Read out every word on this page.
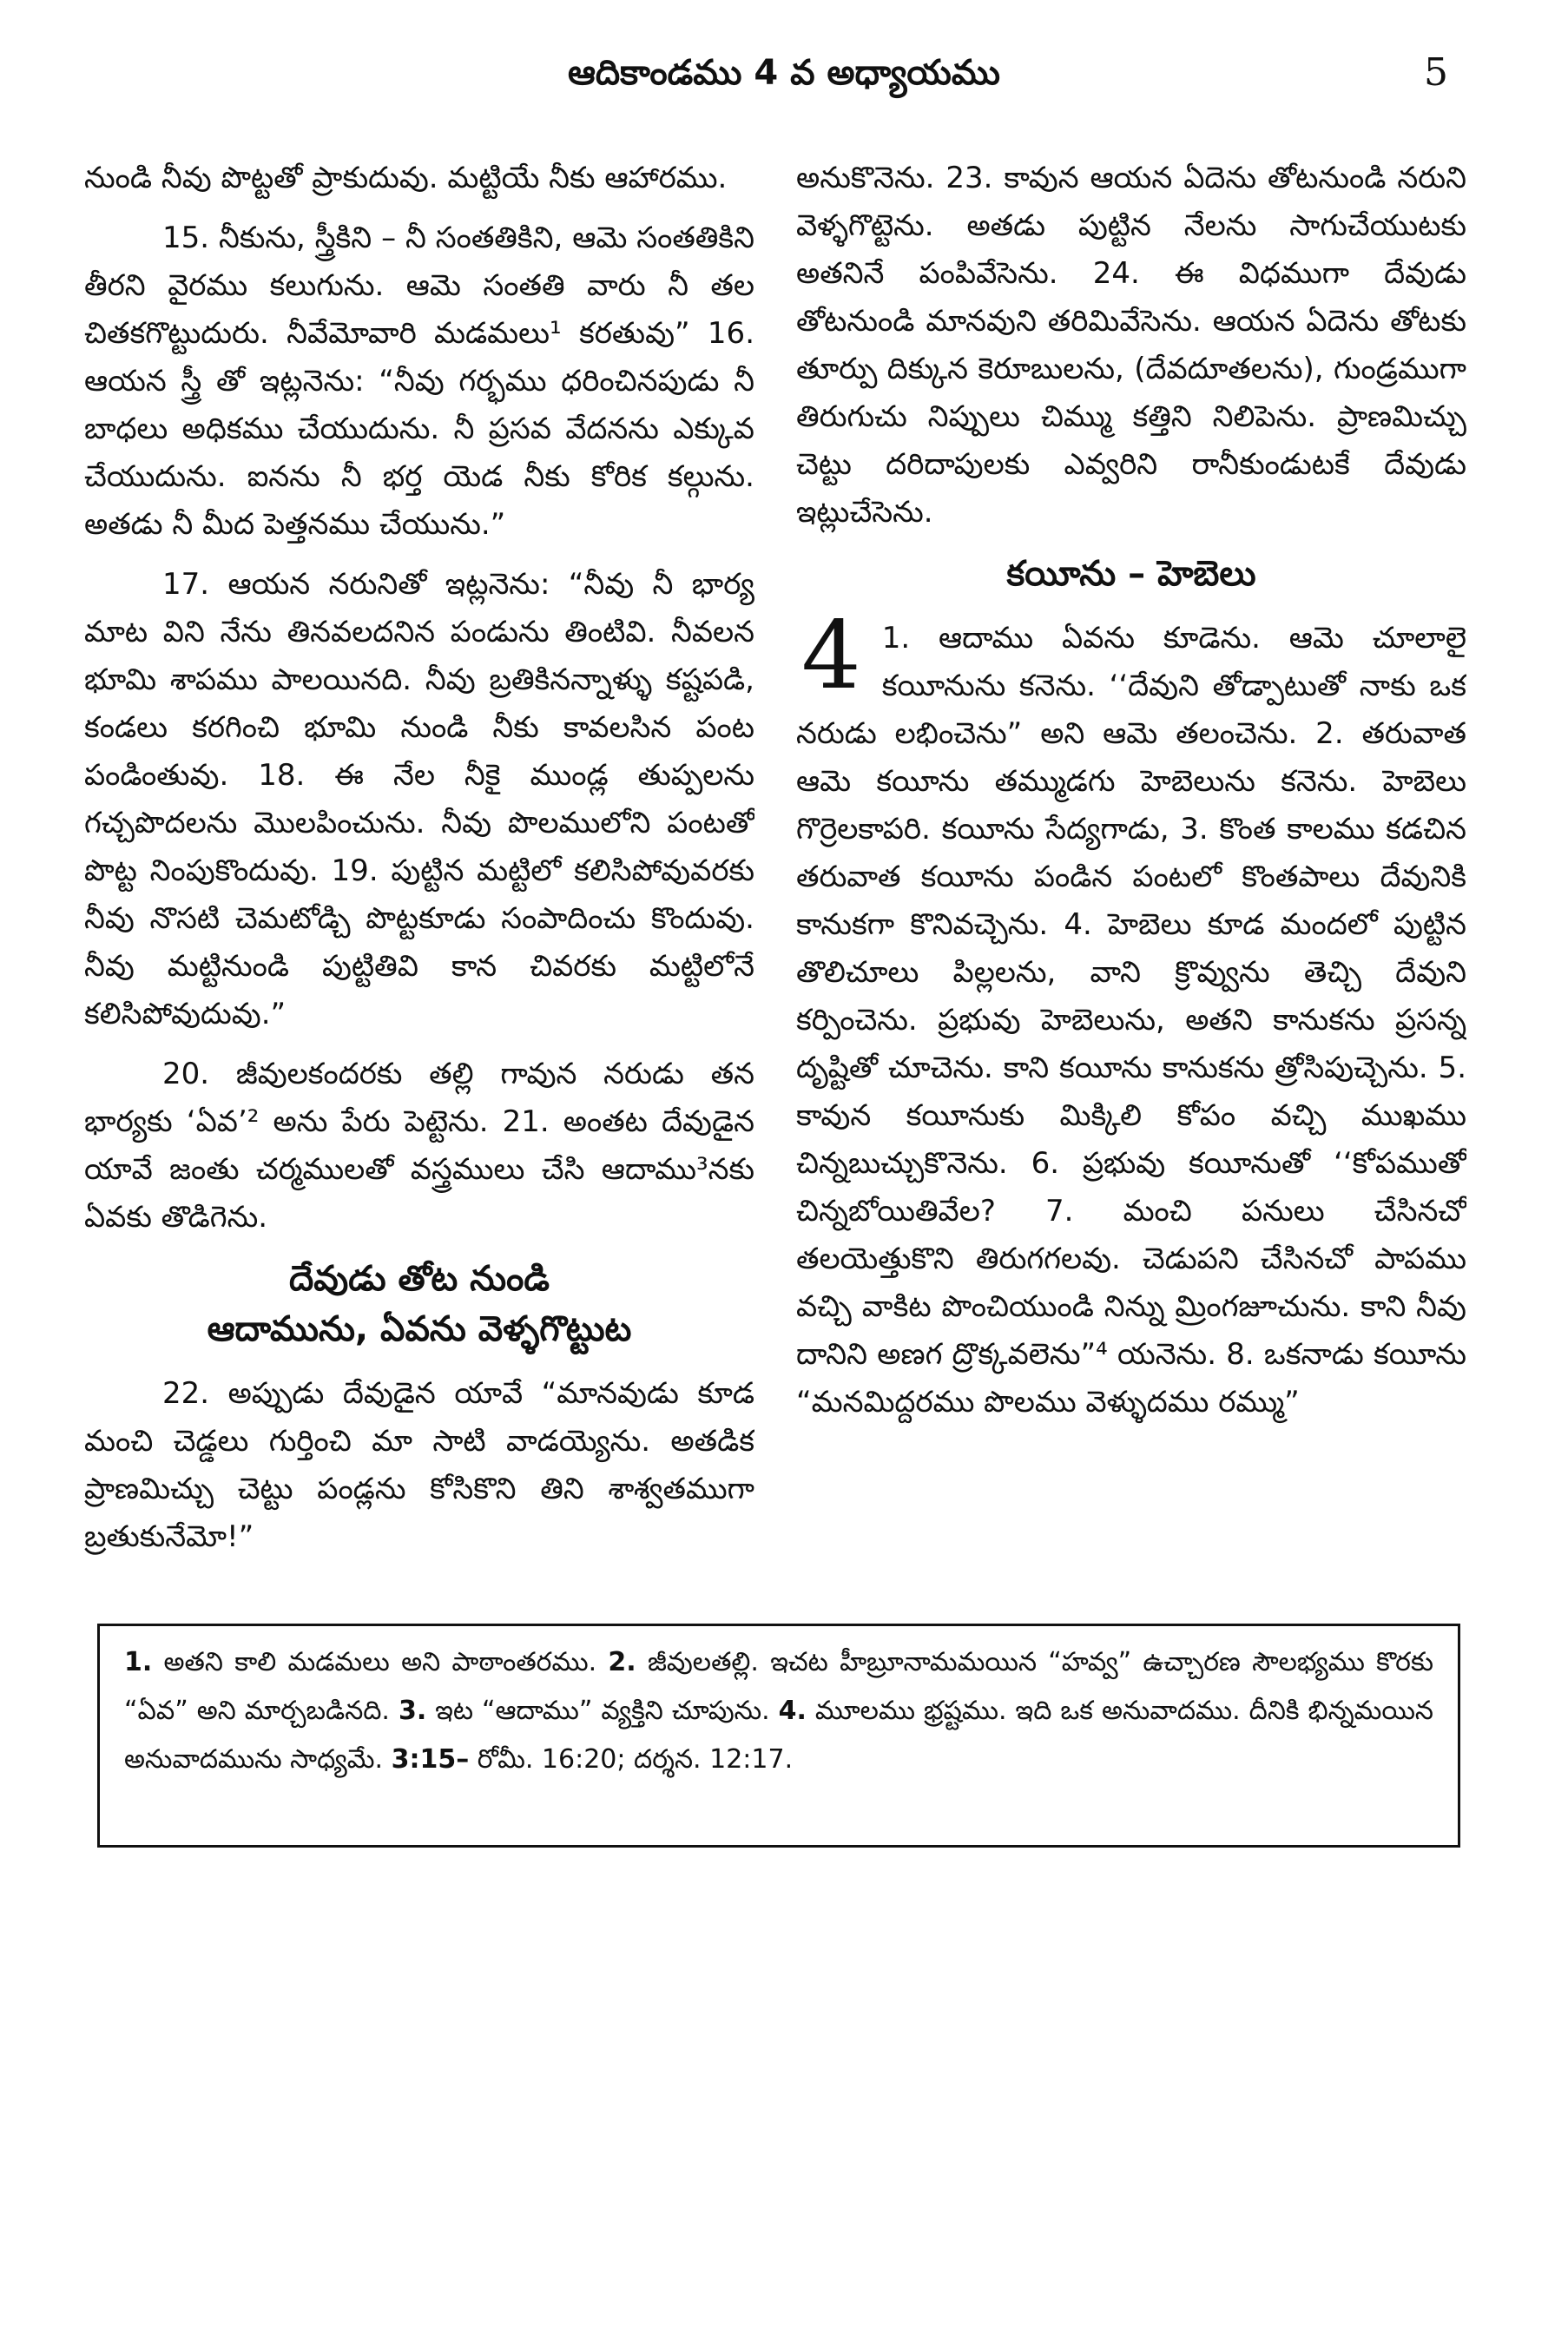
ఆదికాండము 4 వ అధ్యాయము	5

నుండి నీవు పొట్టతో ప్రాకుదువు. మట్టియే నీకు ఆహారము.

15. నీకును, స్త్రీకిని – నీ సంతతికిని, ఆమె సంతతికిని తీరని వైరము కలుగును. ఆమె సంతతి వారు నీ తల చితకగొట్టుదురు. నీవేమోవారి మడమలు¹ కరతువు” 16. ఆయన స్త్రీ తో ఇట్లనెను: “నీవు గర్భము ధరించినపుడు నీ బాధలు అధికము చేయుదును. నీ ప్రసవ వేదనను ఎక్కువ చేయుదును. ఐనను నీ భర్త యెడ నీకు కోరిక కల్గును. అతడు నీ మీద పెత్తనము చేయును.”

17. ఆయన నరునితో ఇట్లనెను: “నీవు నీ భార్య మాట విని నేను తినవలదనిన పండును తింటివి. నీవలన భూమి శాపము పాలయినది. నీవు బ్రతికినన్నాళ్ళు కష్టపడి, కండలు కరగించి భూమి నుండి నీకు కావలసిన పంట పండింతువు. 18. ఈ నేల నీకై ముండ్ల తుప్పలను గచ్చపొదలను మొలపించును. నీవు పొలములోని పంటతో పొట్ట నింపుకొందువు. 19. పుట్టిన మట్టిలో కలిసిపోవువరకు నీవు నొసటి చెమటోడ్చి పొట్టకూడు సంపాదించు కొందువు. నీవు మట్టినుండి పుట్టితివి కాన చివరకు మట్టిలోనే కలిసిపోవుదువు.”

20. జీవులకందరకు తల్లి గావున నరుడు తన భార్యకు ‘ఏవ’² అను పేరు పెట్టెను. 21. అంతట దేవుడైన యావే జంతు చర్మములతో వస్త్రములు చేసి ఆదాము³నకు ఏవకు తొడిగెను.

దేవుడు తోట నుండి
ఆదామును, ఏవను వెళ్ళగొట్టుట

22. అప్పుడు దేవుడైన యావే “మానవుడు కూడ మంచి చెడ్డలు గుర్తించి మా సాటి వాడయ్యెను. అతడిక ప్రాణమిచ్చు చెట్టు పండ్లను కోసికొని తిని శాశ్వతముగా బ్రతుకునేమో!”

అనుకొనెను. 23. కావున ఆయన ఏదెను తోటనుండి నరుని వెళ్ళగొట్టెను. అతడు పుట్టిన నేలను సాగుచేయుటకు అతనినే పంపివేసెను. 24. ఈ విధముగా దేవుడు తోటనుండి మానవుని తరిమివేసెను. ఆయన ఏదెను తోటకు తూర్పు దిక్కున కెరూబులను, (దేవదూతలను), గుండ్రముగా తిరుగుచు నిప్పులు చిమ్ము కత్తిని నిలిపెను. ప్రాణమిచ్చు చెట్టు దరిదాపులకు ఎవ్వరిని రానీకుండుటకే దేవుడు ఇట్లుచేసెను.

కయీను – హెబెలు
4 1. ఆదాము ఏవను కూడెను. ఆమె చూలాలై కయీనును కనెను. ‘‘దేవుని తోడ్పాటుతో నాకు ఒక నరుడు లభించెను” అని ఆమె తలంచెను. 2. తరువాత ఆమె కయీను తమ్ముడగు హెబెలును కనెను. హెబెలు గొర్రెలకాపరి. కయీను సేద్యగాడు, 3. కొంత కాలము కడచిన తరువాత కయీను పండిన పంటలో కొంతపాలు దేవునికి కానుకగా కొనివచ్చెను. 4. హెబెలు కూడ మందలో పుట్టిన తొలిచూలు పిల్లలను, వాని క్రొవ్వును తెచ్చి దేవుని కర్పించెను. ప్రభువు హెబెలును, అతని కానుకను ప్రసన్న దృష్టితో చూచెను. కాని కయీను కానుకను త్రోసిపుచ్చెను. 5. కావున కయీనుకు మిక్కిలి కోపం వచ్చి ముఖము చిన్నబుచ్చుకొనెను. 6. ప్రభువు కయీనుతో ‘‘కోపముతో చిన్నబోయితివేల? 7. మంచి పనులు చేసినచో తలయెత్తుకొని తిరుగగలవు. చెడుపని చేసినచో పాపము వచ్చి వాకిట పొంచియుండి నిన్ను మ్రింగజూచును. కాని నీవు దానిని అణగ ద్రొక్కవలెను”⁴ యనెను. 8. ఒకనాడు కయీను “మనమిద్దరము పొలము వెళ్ళుదము రమ్ము”

1. అతని కాలి మడమలు అని పాఠాంతరము. 2. జీవులతల్లి. ఇచట హీబ్రూనామమయిన “హవ్వ” ఉచ్చారణ సౌలభ్యము కొరకు “ఏవ” అని మార్చబడినది. 3. ఇట “ఆదాము” వ్యక్తిని చూపును. 4. మూలము భ్రష్టము. ఇది ఒక అనువాదము. దీనికి భిన్నమయిన అనువాదమును సాధ్యమే. 3:15– రోమీ. 16:20; దర్శన. 12:17.
